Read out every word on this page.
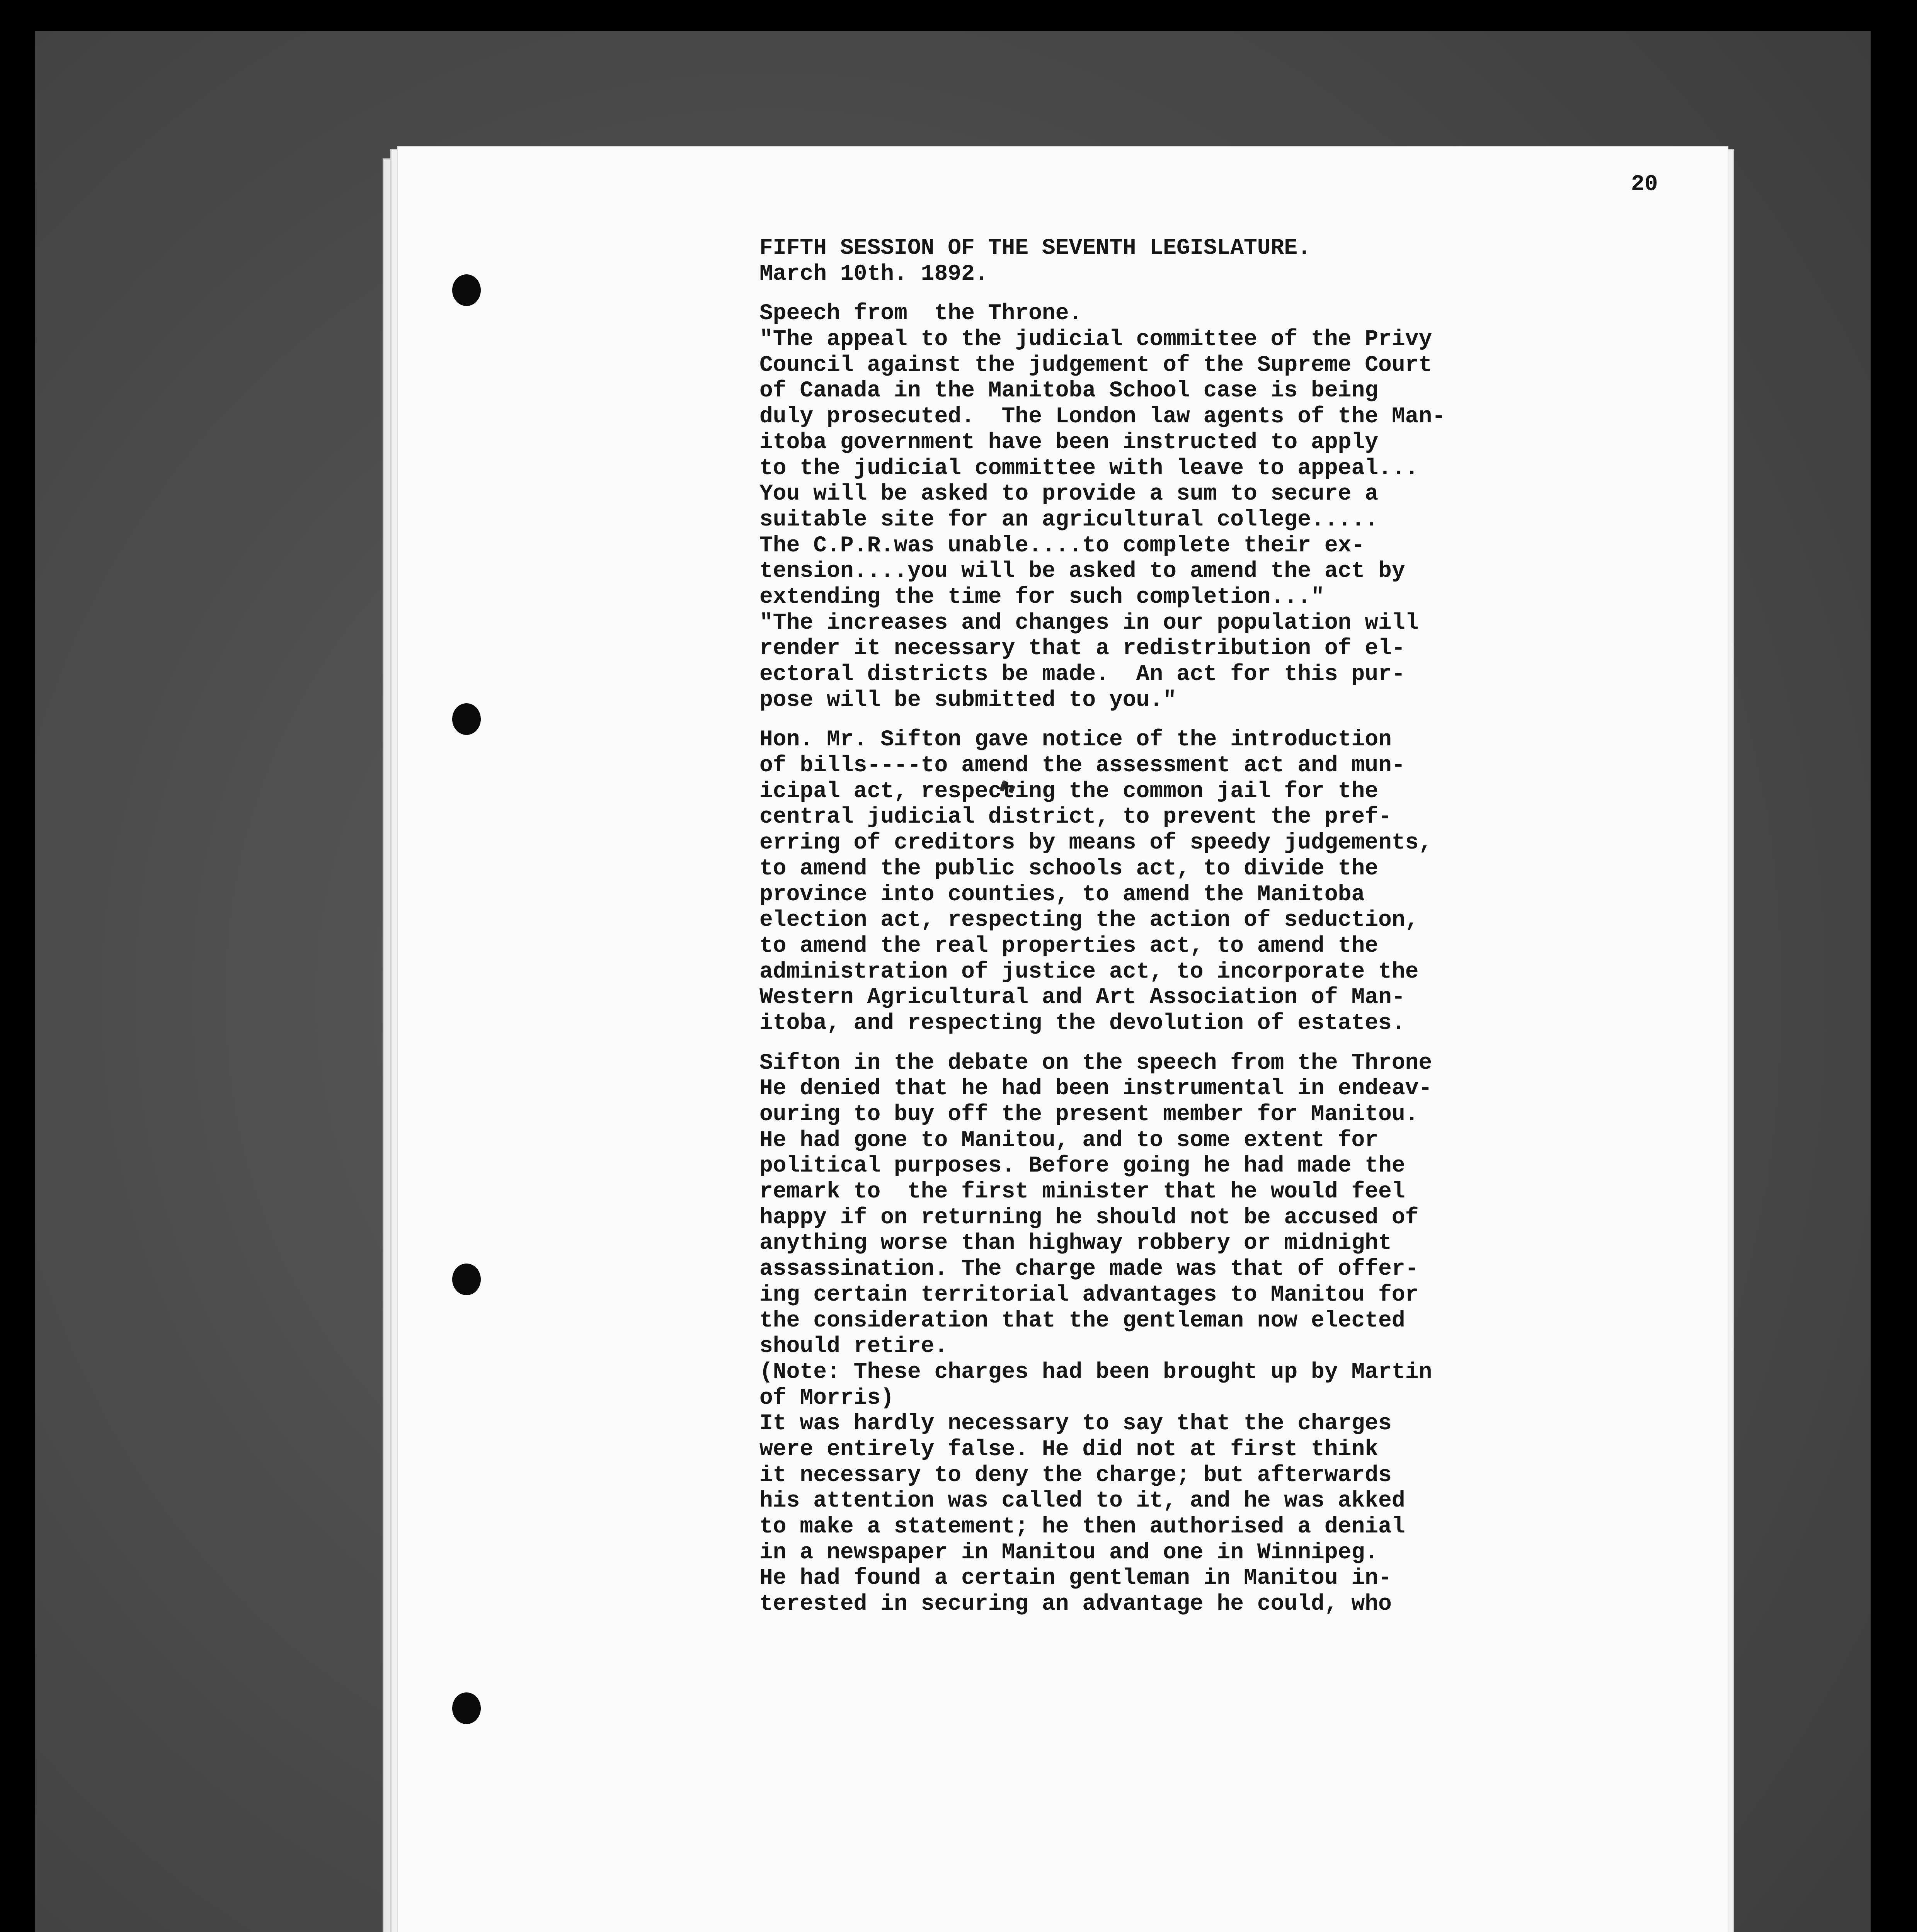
20
FIFTH SESSION OF THE SEVENTH LEGISLATURE.
March 10th. 1892.
Speech from  the Throne.
"The appeal to the judicial committee of the Privy
Council against the judgement of the Supreme Court
of Canada in the Manitoba School case is being
duly prosecuted.  The London law agents of the Man-
itoba government have been instructed to apply
to the judicial committee with leave to appeal...
You will be asked to provide a sum to secure a
suitable site for an agricultural college.....
The C.P.R.was unable....to complete their ex-
tension....you will be asked to amend the act by
extending the time for such completion..."
"The increases and changes in our population will
render it necessary that a redistribution of el-
ectoral districts be made.  An act for this pur-
pose will be submitted to you."
Hon. Mr. Sifton gave notice of the introduction
of bills----to amend the assessment act and mun-
icipal act, respecting the common jail for the
central judicial district, to prevent the pref-
erring of creditors by means of speedy judgements,
to amend the public schools act, to divide the
province into counties, to amend the Manitoba
election act, respecting the action of seduction,
to amend the real properties act, to amend the
administration of justice act, to incorporate the
Western Agricultural and Art Association of Man-
itoba, and respecting the devolution of estates.
Sifton in the debate on the speech from the Throne
He denied that he had been instrumental in endeav-
ouring to buy off the present member for Manitou.
He had gone to Manitou, and to some extent for
political purposes. Before going he had made the
remark to  the first minister that he would feel
happy if on returning he should not be accused of
anything worse than highway robbery or midnight
assassination. The charge made was that of offer-
ing certain territorial advantages to Manitou for
the consideration that the gentleman now elected
should retire.
(Note: These charges had been brought up by Martin
of Morris)
It was hardly necessary to say that the charges
were entirely false. He did not at first think
it necessary to deny the charge; but afterwards
his attention was called to it, and he was akked
to make a statement; he then authorised a denial
in a newspaper in Manitou and one in Winnipeg.
He had found a certain gentleman in Manitou in-
terested in securing an advantage he could, who
